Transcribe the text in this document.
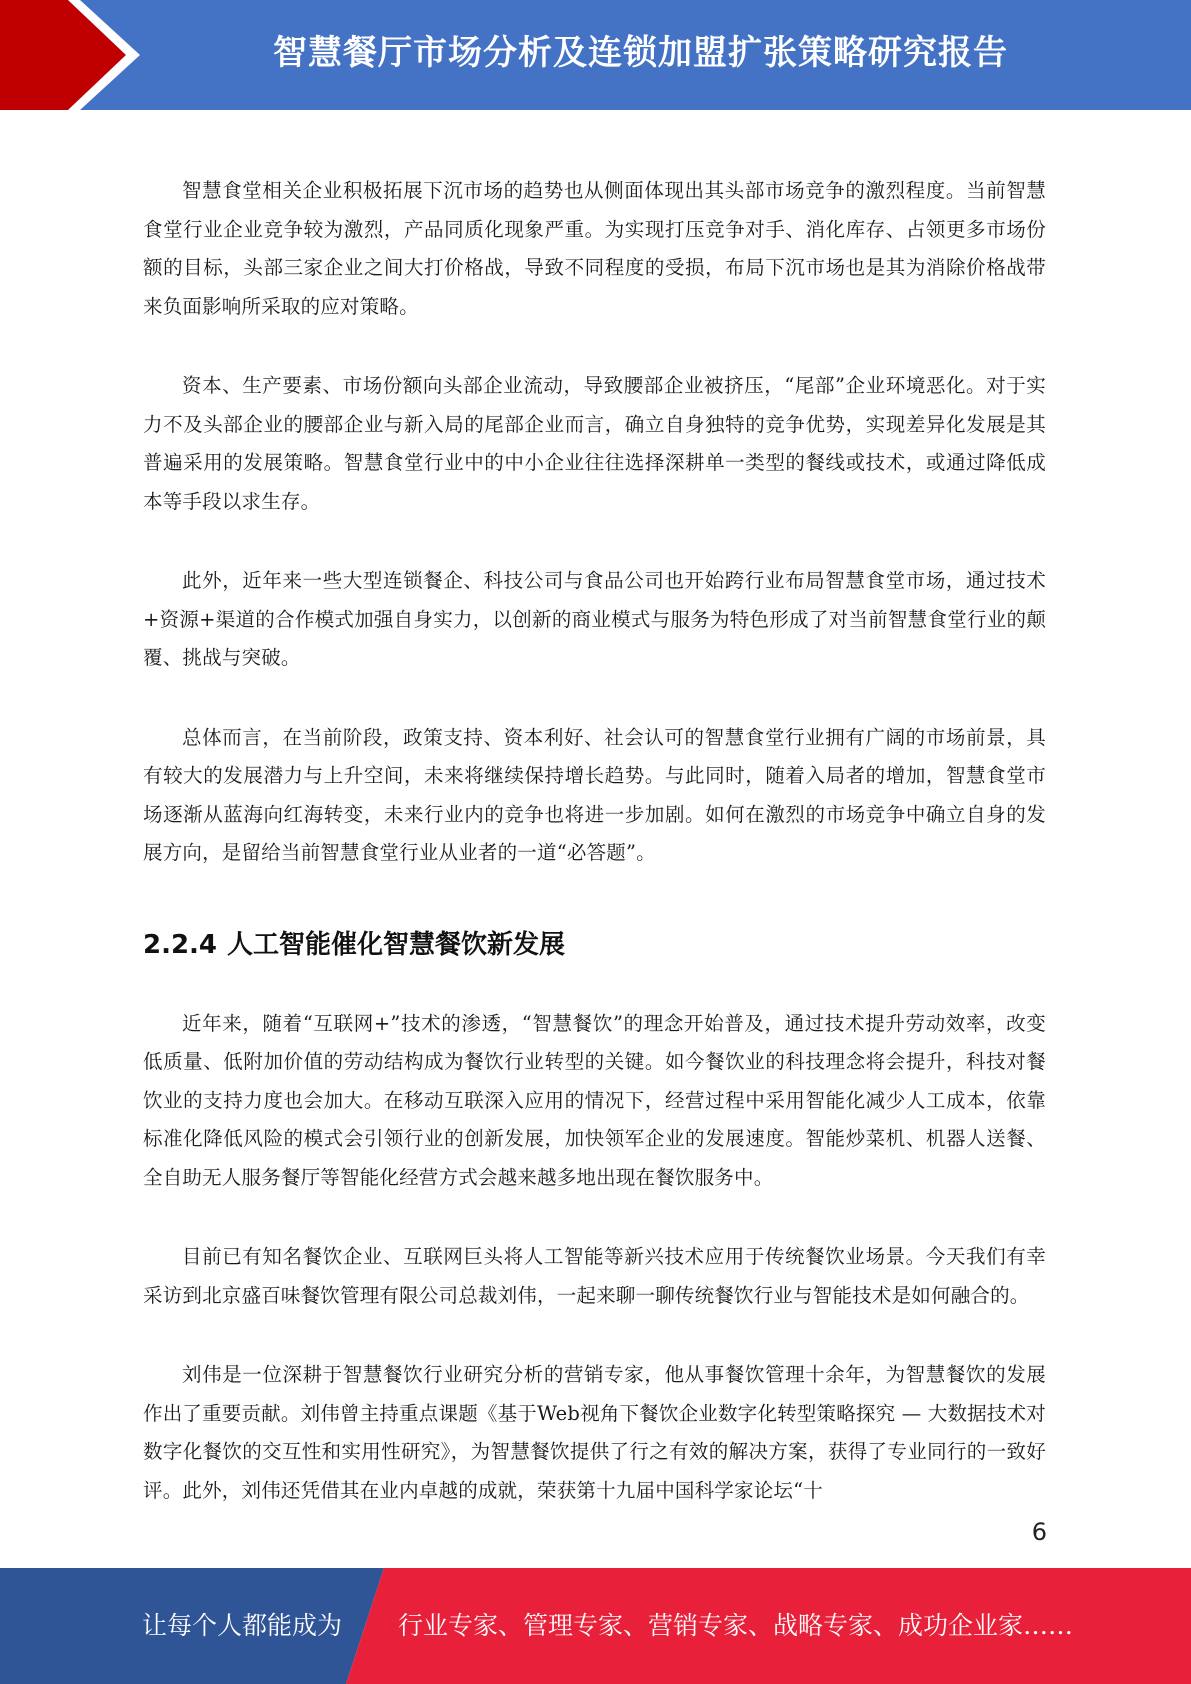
智慧餐厅市场分析及连锁加盟扩张策略研究报告

智慧食堂相关企业积极拓展下沉市场的趋势也从侧面体现出其头部市场竞争的激烈程度。当前智慧食堂行业企业竞争较为激烈，产品同质化现象严重。为实现打压竞争对手、消化库存、占领更多市场份额的目标，头部三家企业之间大打价格战，导致不同程度的受损，布局下沉市场也是其为消除价格战带来负面影响所采取的应对策略。

资本、生产要素、市场份额向头部企业流动，导致腰部企业被挤压，“尾部”企业环境恶化。对于实力不及头部企业的腰部企业与新入局的尾部企业而言，确立自身独特的竞争优势，实现差异化发展是其普遍采用的发展策略。智慧食堂行业中的中小企业往往选择深耕单一类型的餐线或技术，或通过降低成本等手段以求生存。

此外，近年来一些大型连锁餐企、科技公司与食品公司也开始跨行业布局智慧食堂市场，通过技术+资源+渠道的合作模式加强自身实力，以创新的商业模式与服务为特色形成了对当前智慧食堂行业的颠覆、挑战与突破。

总体而言，在当前阶段，政策支持、资本利好、社会认可的智慧食堂行业拥有广阔的市场前景，具有较大的发展潜力与上升空间，未来将继续保持增长趋势。与此同时，随着入局者的增加，智慧食堂市场逐渐从蓝海向红海转变，未来行业内的竞争也将进一步加剧。如何在激烈的市场竞争中确立自身的发展方向，是留给当前智慧食堂行业从业者的一道“必答题”。

2.2.4 人工智能催化智慧餐饮新发展

近年来，随着“互联网+”技术的渗透，“智慧餐饮”的理念开始普及，通过技术提升劳动效率，改变低质量、低附加价值的劳动结构成为餐饮行业转型的关键。如今餐饮业的科技理念将会提升，科技对餐饮业的支持力度也会加大。在移动互联深入应用的情况下，经营过程中采用智能化减少人工成本，依靠标准化降低风险的模式会引领行业的创新发展，加快领军企业的发展速度。智能炒菜机、机器人送餐、全自助无人服务餐厅等智能化经营方式会越来越多地出现在餐饮服务中。

目前已有知名餐饮企业、互联网巨头将人工智能等新兴技术应用于传统餐饮业场景。今天我们有幸采访到北京盛百味餐饮管理有限公司总裁刘伟，一起来聊一聊传统餐饮行业与智能技术是如何融合的。

刘伟是一位深耕于智慧餐饮行业研究分析的营销专家，他从事餐饮管理十余年，为智慧餐饮的发展作出了重要贡献。刘伟曾主持重点课题《基于Web视角下餐饮企业数字化转型策略探究 — 大数据技术对数字化餐饮的交互性和实用性研究》，为智慧餐饮提供了行之有效的解决方案，获得了专业同行的一致好评。此外，刘伟还凭借其在业内卓越的成就，荣获第十九届中国科学家论坛“十

6
让每个人都能成为 行业专家、管理专家、营销专家、战略专家、成功企业家……
